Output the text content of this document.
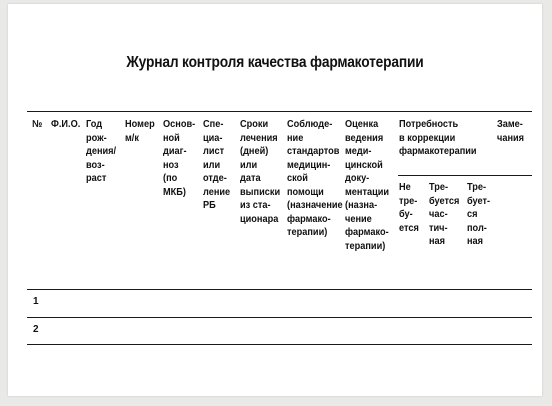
Журнал контроля качества фармакотерапии
№ Ф.И.О. Год
рож-
дения/
воз-
раст
Номер
м/к
Основ-
ной
диаг-
ноз
(по
МКБ)
Спе-
циа-
лист
или
отде-
ление
РБ
Сроки
лечения
(дней)
или
дата
выписки
из ста-
ционара
Соблюде-
ние
стандартов
медицин-
ской
помощи
(назначение
фармако-
терапии)
Оценка
ведения
меди-
цинской
доку-
ментации
(назна-
чение
фармако-
терапии)
Потребность
в коррекции
фармакотерапии
Заме-
чания
Не
тре-
бу-
ется
Тре-
буется
час-
тич-
ная
Тре-
бует-
ся
пол-
ная
1
2
